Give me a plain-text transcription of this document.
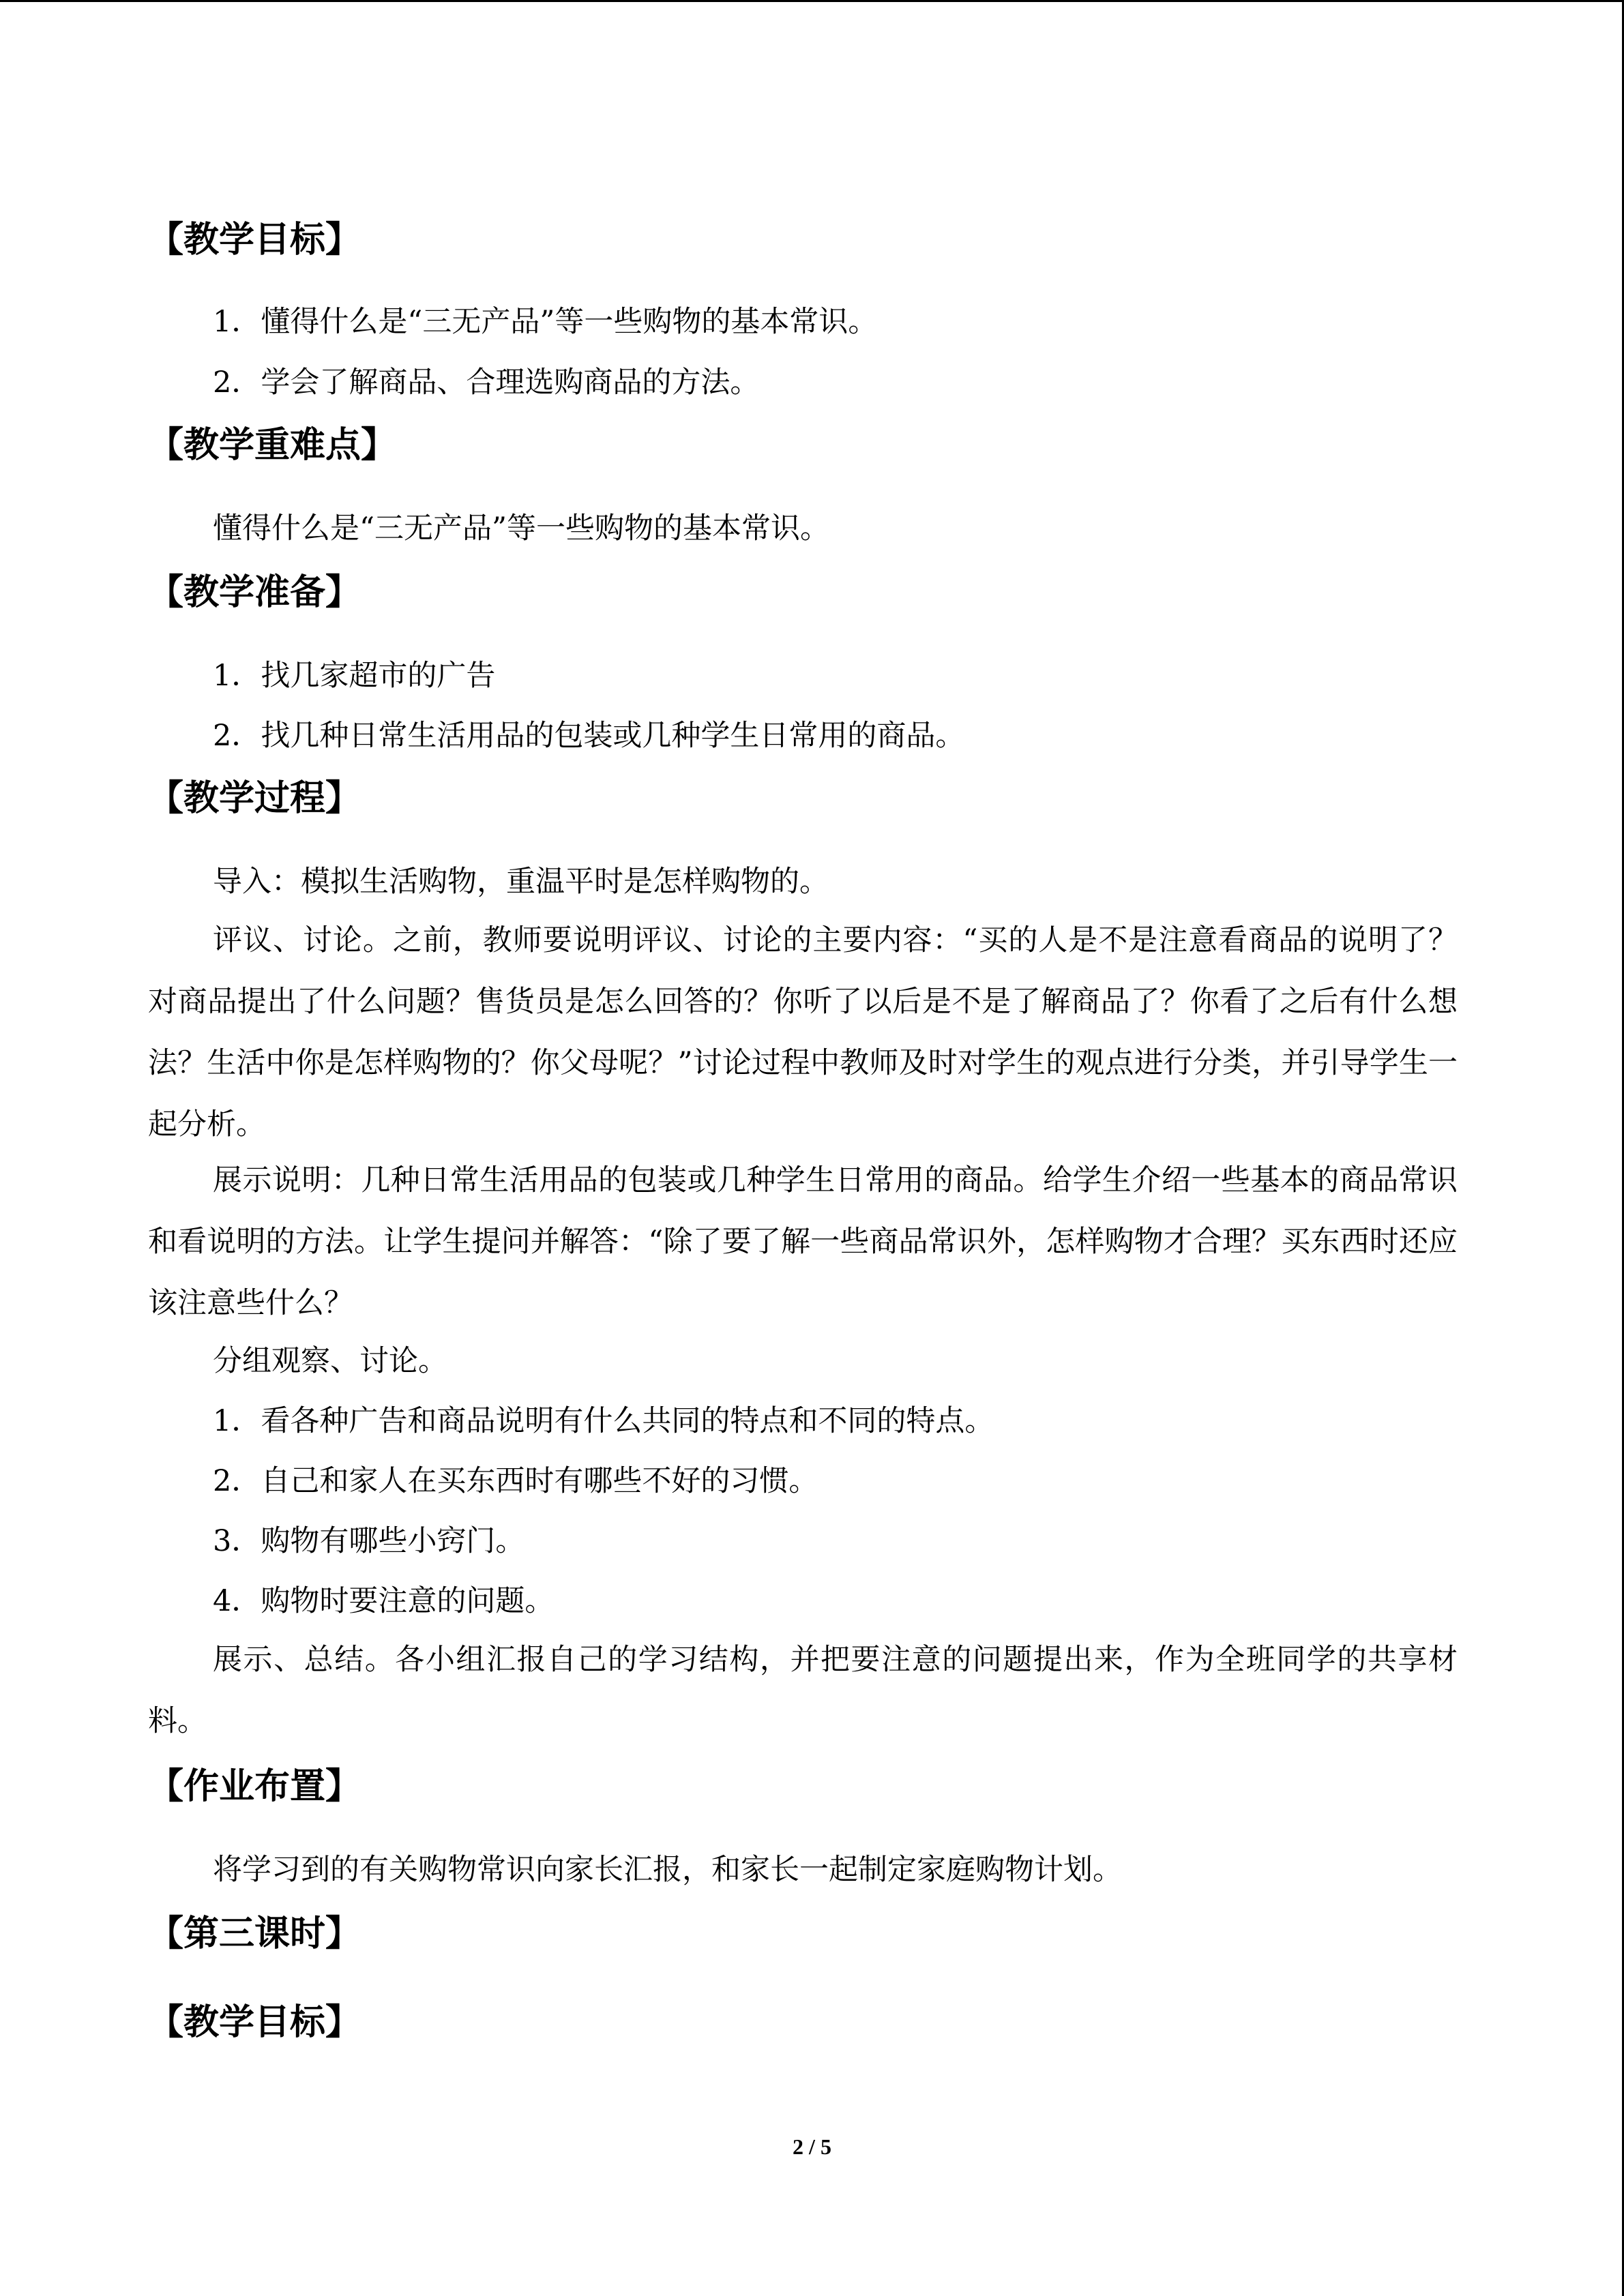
【教学目标】
1．懂得什么是“三无产品”等一些购物的基本常识。
2．学会了解商品、合理选购商品的方法。
【教学重难点】
懂得什么是“三无产品”等一些购物的基本常识。
【教学准备】
1．找几家超市的广告
2．找几种日常生活用品的包装或几种学生日常用的商品。
【教学过程】
导入：模拟生活购物，重温平时是怎样购物的。
评议、讨论。之前，教师要说明评议、讨论的主要内容：“买的人是不是注意看商品的说明了？对商品提出了什么问题？售货员是怎么回答的？你听了以后是不是了解商品了？你看了之后有什么想法？生活中你是怎样购物的？你父母呢？”讨论过程中教师及时对学生的观点进行分类，并引导学生一起分析。
展示说明：几种日常生活用品的包装或几种学生日常用的商品。给学生介绍一些基本的商品常识和看说明的方法。让学生提问并解答：“除了要了解一些商品常识外，怎样购物才合理？买东西时还应该注意些什么？
分组观察、讨论。
1．看各种广告和商品说明有什么共同的特点和不同的特点。
2．自己和家人在买东西时有哪些不好的习惯。
3．购物有哪些小窍门。
4．购物时要注意的问题。
展示、总结。各小组汇报自己的学习结构，并把要注意的问题提出来，作为全班同学的共享材料。
【作业布置】
将学习到的有关购物常识向家长汇报，和家长一起制定家庭购物计划。
【第三课时】
【教学目标】
2 / 5
